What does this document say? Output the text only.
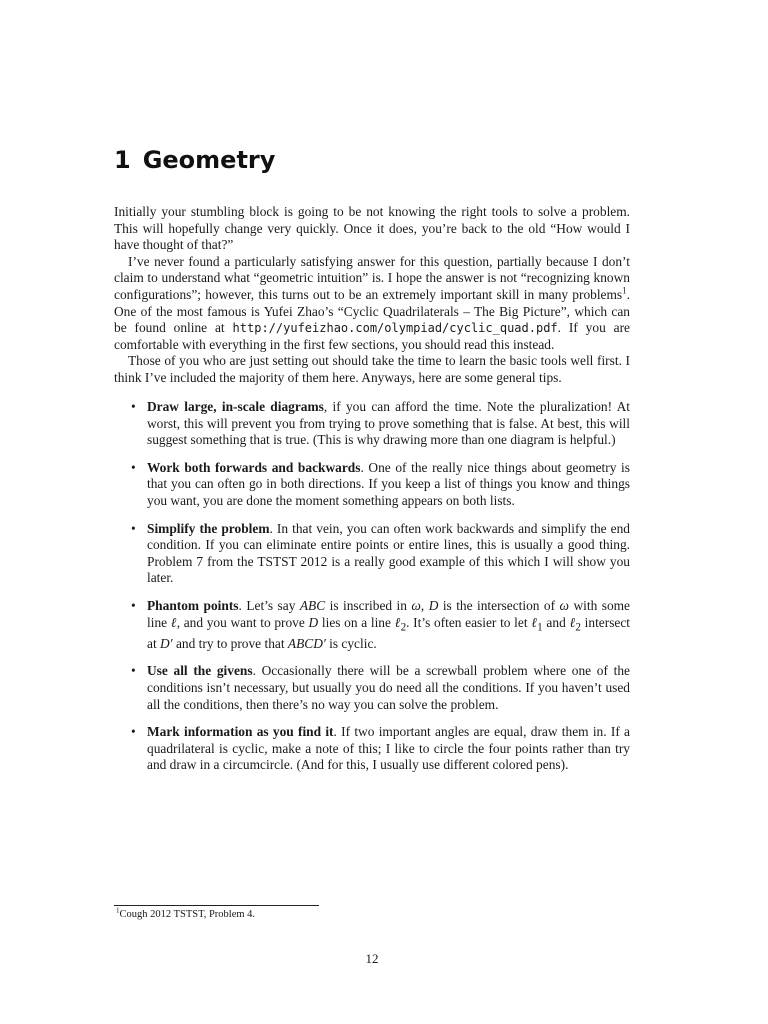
1 Geometry

Initially your stumbling block is going to be not knowing the right tools to solve a problem. This will hopefully change very quickly. Once it does, you’re back to the old “How would I have thought of that?”

I’ve never found a particularly satisfying answer for this question, partially because I don’t claim to understand what “geometric intuition” is. I hope the answer is not “recognizing known configurations”; however, this turns out to be an extremely important skill in many problems$^1$. One of the most famous is Yufei Zhao’s “Cyclic Quadrilaterals – The Big Picture”, which can be found online at http://yufeizhao.com/olympiad/cyclic_quad.pdf. If you are comfortable with everything in the first few sections, you should read this instead.

Those of you who are just setting out should take the time to learn the basic tools well first. I think I’ve included the majority of them here. Anyways, here are some general tips.

• Draw large, in-scale diagrams, if you can afford the time. Note the pluralization! At worst, this will prevent you from trying to prove something that is false. At best, this will suggest something that is true. (This is why drawing more than one diagram is helpful.)
• Work both forwards and backwards. One of the really nice things about geometry is that you can often go in both directions. If you keep a list of things you know and things you want, you are done the moment something appears on both lists.
• Simplify the problem. In that vein, you can often work backwards and simplify the end condition. If you can eliminate entire points or entire lines, this is usually a good thing. Problem 7 from the TSTST 2012 is a really good example of this which I will show you later.
• Phantom points. Let’s say ABC is inscribed in ω, D is the intersection of ω with some line ℓ, and you want to prove D lies on a line ℓ$_2$. It’s often easier to let ℓ$_1$ and ℓ$_2$ intersect at D′ and try to prove that ABCD′ is cyclic.
• Use all the givens. Occasionally there will be a screwball problem where one of the conditions isn’t necessary, but usually you do need all the conditions. If you haven’t used all the conditions, then there’s no way you can solve the problem.
• Mark information as you find it. If two important angles are equal, draw them in. If a quadrilateral is cyclic, make a note of this; I like to circle the four points rather than try and draw in a circumcircle. (And for this, I usually use different colored pens).
$^1$Cough 2012 TSTST, Problem 4.
12
